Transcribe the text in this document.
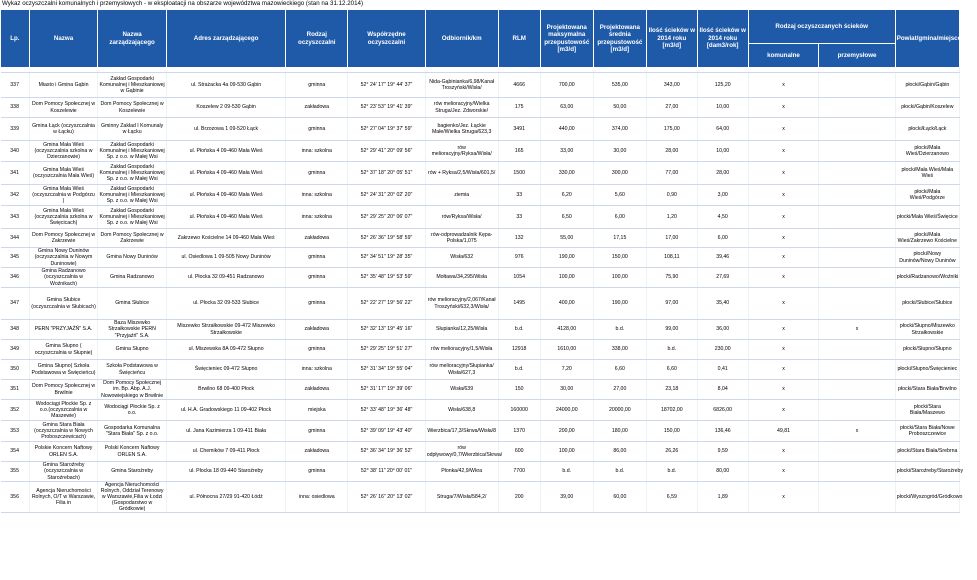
Wykaz oczyszczalni komunalnych i przemysłowych - w eksploatacji na obszarze województwa mazowieckiego (stan na 31.12.2014)
Lp.	Nazwa	Nazwa zarządzającego	Adres zarządzającego	Rodzaj oczyszczalni	Współrzędne oczyszczalni	Odbiornik/km	RLM	Projektowana maksymalna przepustowość [m3/d]	Projektowana średnia przepustowość [m3/d]	Ilość ścieków w 2014 roku [m3/d]	Ilość ścieków w 2014 roku [dam3/rok]	Rodzaj oczyszczanych ścieków		Powiat/gmina/miejscowość
												komunalne	przemysłowe	

337	Miasto i Gmina Gąbin	Zakład Gospodarki Komunalnej i Mieszkaniowej w Gąbinie	ul. Strażacka 4a 09-530 Gąbin	gminna	52° 24' 17" 19° 44' 37"	Nida-Gąbinianka/6,98/Kanał Troszyński/Wisła/	4666	700,00	535,00	343,00	125,20	x		płocki/Gąbin/Gąbin
338	Dom Pomocy Społecznej w Koszelewie	Dom Pomocy Społecznej w Koszelewie	Koszelew 2 09-530 Gąbin	zakładowa	52° 23' 53" 19° 41' 39"	rów melioracyjny/Wielka Struga/Jez. Zdworskie/	175	63,00	50,00	27,00	10,00	x		płocki/Gąbin/Koszelew
339	Gmina Łąck (oczyszczalnia w Łącku)	Gminny Zakład I Komunaly w Łącku	ul. Brzozowa 1 09-520 Łąck	gminna	52° 27' 04" 19° 37' 59"	bagienko/Jez. Łąckie Małe/Wielka Struga/623,3	3491	440,00	374,00	175,00	64,00	x		płocki/Łąck/Łąck
340	Gmina Mała Wieś (oczyszczalnia szkolna w Dzierzanowie)	Zakład Gospodarki Komunalnej i Mieszkaniowej Sp. z o.o. w Małej Wsi	ul. Płońska 4 09-460 Mała Wieś	inna: szkolna	52° 29' 41" 20° 09' 56"	rów melioracyjny/Ryksa/Wisła/	165	33,00	30,00	28,00	10,00	x		płocki/Mała Wieś/Dzierzanowo
341	Gmina Mała Wieś (oczyszczalnia Mała Wieś)	Zakład Gospodarki Komunalnej i Mieszkaniowej Sp. z o.o. w Małej Wsi	ul. Płońska 4 09-460 Mała Wieś	gminna	52° 37' 18" 20° 05' 51"	rów + Ryksa/2,5/Wisła/601,5/	1500	330,00	300,00	77,00	28,00	x		płocki/Mała Wieś/Mała Wieś
342	Gmina Mała Wieś (oczyszczalnia w Podgórzu )	Zakład Gospodarki Komunalnej i Mieszkaniowej Sp. z o.o. w Małej Wsi	ul. Płońska 4 09-460 Mała Wieś	inna: szkolna	52° 24' 31" 20° 02' 20"	ziemia	33	6,20	5,60	0,90	3,00	x		płocki/Mała Wieś/Podgórze
343	Gmina Mała Wieś (oczyszczalnia szkolna w Święcicach)	Zakład Gospodarki Komunalnej i Mieszkaniowej Sp. z o.o. w Małej Wsi	ul. Płońska 4 09-460 Mała Wieś	inna: szkolna	52° 29' 25" 20° 06' 07"	rów/Ryksa/Wisła/	33	6,50	6,00	1,20	4,50	x		płocki/Mała Wieś/Święcice
344	Dom Pomocy Społecznej w Zakrzewie	Dom Pomocy Społecznej w Zakrzewie	Zakrzewo Kościelne 14 09-460 Mała Wieś	zakładowa	52° 26' 36" 19° 58' 59"	rów-odprowadzalnik Kępa-Polska/1,075	132	55,00	17,15	17,00	6,00	x		płocki/Mała Wieś/Zakrzewo Kościelne
345	Gmina Nowy Duninów (oczyszczalnia w Nowym Duninowie)	Gmina Nowy Duninów	ul. Osiedlowa 1 09-505 Nowy Duninów	gminna	52° 34' 51" 19° 28' 35"	Wisła/632	976	190,00	150,00	108,11	39,46	x		płocki/Nowy Duninów/Nowy Duninów
346	Gmina Radzanowo (oczyszczalnia w Woźnikach)	Gmina Radzanowo	ul. Płocka 32 09-451 Radzanowo	gminna	52° 35' 48" 19° 53' 59"	Mołtawa/34,295/Wisła	1054	100,00	100,00	75,90	27,69	x		płocki/Radzanowo/Woźniki
347	Gmina Słubice (oczyszczalnia w Słubicach)	Gmina Słubice	ul. Płocka 32 09-533 Słubice	gminna	52° 22' 27" 19° 56' 22"	rów melioracyjny/2,067/Kanał Troszyński/632,3/Wisła/	1495	400,00	190,00	97,00	35,40	x		płocki/Słubice/Słubice
348	PERN "PRZYJAŹŃ" S.A.	Baza Miszewko Strzałkowskie PERN "Przyjaźń" S.A.	Miszewko Strzałkowskie 09-472 Miszewko Strzałkowskie	zakładowa	52° 32' 13" 19° 45' 16"	Słupianka/12,25/Wisła	b.d.	4128,00	b.d.	99,00	36,00	x	x	płocki/Słupno/Miszewko Strzałkowskie
349	Gmina Słupno ( oczyszczalnia w Słupnie)	Gmina Słupno	ul. Miszewska 8A 09-472 Słupno	gminna	52° 29' 25" 19° 51' 27"	rów melioracyjny/1,5/Wisła	12918	1610,00	338,00	b.d.	230,00	x		płocki/Słupno/Słupno
350	Gmina Słupno( Szkoła Podstawowa w Święcieńcu)	Szkoła Podstawowa w Święcieńcu	Święcieniec 09-472 Słupno	inna: szkolna	52° 31' 34" 19° 55' 04"	rów melioracyjny/Słupianka/ Wisła/627,3	b.d.	7,20	6,60	6,60	0,41	x		płocki/Słupno/Święcieniec
351	Dom Pomocy Społecznej w Brwilnie	Dom Pomocy Społecznej im. Bp. Abp. A.J. Nowowiejskiego w Brwilnie	Brwilno 68 09-400 Płock	zakładowa	52° 31' 17" 19° 39' 06"	Wisła/639	150	30,00	27,00	23,18	8,04	x		płocki/Stara Biała/Brwilno
352	Wodociągi Płockie Sp. z o.o.(oczyszczalnia w Maszewie)	Wodociągi Płockie Sp. z o.o.	ul. H.A. Gradowskiego 11 09-402 Płock	miejska	52° 33' 48" 19° 36' 48"	Wisła/638,8	160000	24000,00	20000,00	18702,00	6826,00	x		płocki/Stara Biała/Maszewo
353	Gmina Stara Biała (oczyszczalnia w Nowych Proboszczewicach)	Gospodarka Komunalna "Stara Biała" Sp. z o.o.	ul. Jana Kazimierza 1 09-411 Biała	gminna	52° 39' 09" 19° 43' 40"	Wierzbica/17,3/Skrwa/Wisła/8	1370	200,00	180,00	150,00	136,46	49,81	x	płocki/Stara Biała/Nowe Proboszczewice
354	Polskie Koncern Naftowy ORLEN S.A.	Polski Koncern Naftowy ORLEN S.A.	ul. Chemików 7 09-411 Płock	zakładowa	52° 36' 34" 19° 36' 52"	rów odpływowy/0,7/Wierzbica/Skrwa/	600	100,00	86,00	26,26	9,59	x		płocki/Stara Biała/Srebrna
355	Gmina Staroźreby (oczyszczalnia w Staroźrebach)	Gmina Staroźreby	ul. Płocka 18 09-440 Staroźreby	gminna	52° 38' 11" 20° 00' 01"	Płonka/42,9/Wkra	7700	b.d.	b.d.	b.d.	80,00	x		płocki/Staroźreby/Staroźreby
356	Agencja Nieruchomości Rolnych, O/T w Warszawie, Filia in	Agencja Nieruchomości Rolnych, Oddział Terenowy w Warszawie,Filia w Łodzi (Gospodarstwo w Gródkowie)	ul. Północna 27/29 91-420 Łódź	inna: osiedlowa	52° 26' 16" 20° 13' 02"	Struga/7/Wisła/584,2/	200	39,00	60,00	6,59	1,89	x		płocki/Wyszogród/Gródkowo
